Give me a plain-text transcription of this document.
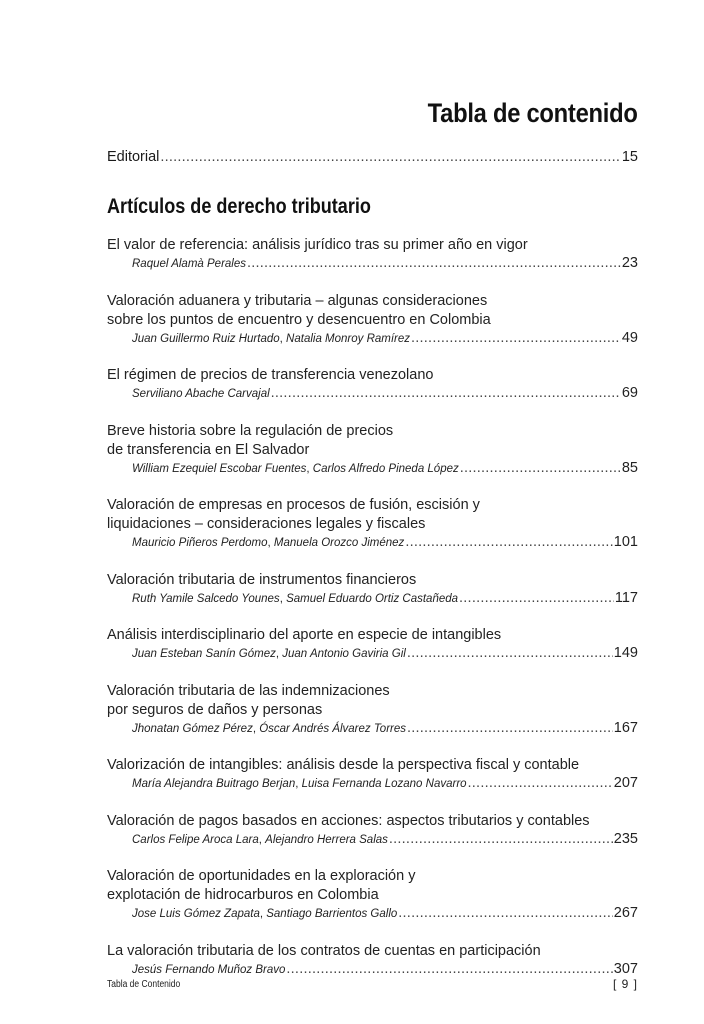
Tabla de contenido
Editorial . . .	15
Artículos de derecho tributario
El valor de referencia: análisis jurídico tras su primer año en vigor
Raquel Alamà Perales . . .	23
Valoración aduanera y tributaria – algunas consideraciones
sobre los puntos de encuentro y desencuentro en Colombia
Juan Guillermo Ruiz Hurtado, Natalia Monroy Ramírez . . .	49
El régimen de precios de transferencia venezolano
Serviliano Abache Carvajal . . .	69
Breve historia sobre la regulación de precios
de transferencia en El Salvador
William Ezequiel Escobar Fuentes, Carlos Alfredo Pineda López . . .	85
Valoración de empresas en procesos de fusión, escisión y
liquidaciones – consideraciones legales y fiscales
Mauricio Piñeros Perdomo, Manuela Orozco Jiménez . . .	101
Valoración tributaria de instrumentos financieros
Ruth Yamile Salcedo Younes, Samuel Eduardo Ortiz Castañeda . . .	117
Análisis interdisciplinario del aporte en especie de intangibles
Juan Esteban Sanín Gómez, Juan Antonio Gaviria Gil . . .	149
Valoración tributaria de las indemnizaciones
por seguros de daños y personas
Jhonatan Gómez Pérez, Óscar Andrés Álvarez Torres . . .	167
Valorización de intangibles: análisis desde la perspectiva fiscal y contable
María Alejandra Buitrago Berjan, Luisa Fernanda Lozano Navarro . . .	207
Valoración de pagos basados en acciones: aspectos tributarios y contables
Carlos Felipe Aroca Lara, Alejandro Herrera Salas . . .	235
Valoración de oportunidades en la exploración y
explotación de hidrocarburos en Colombia
Jose Luis Gómez Zapata, Santiago Barrientos Gallo . . .	267
La valoración tributaria de los contratos de cuentas en participación
Jesús Fernando Muñoz Bravo . . .	307
Tabla de Contenido	[ 9 ]
